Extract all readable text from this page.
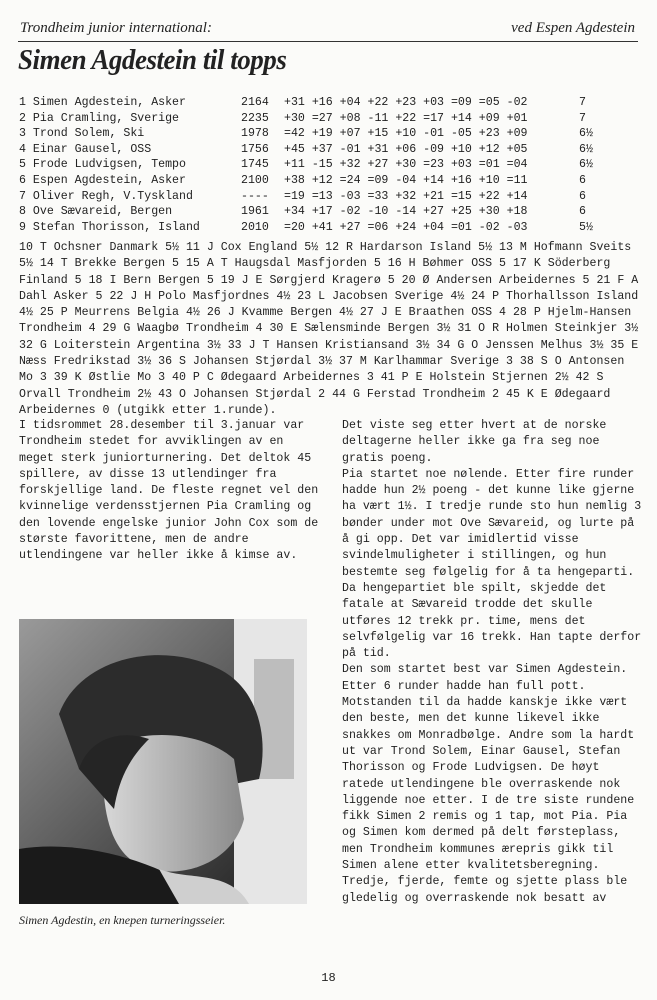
Trondheim junior international:	ved Espen Agdestein
Simen Agdestein til topps
1 Simen Agdestein, Asker	2164 +31 +16 +04 +22 +23 +03 =09 =05 -02	7
2 Pia Cramling, Sverige	2235 +30 =27 +08 -11 +22 =17 +14 +09 +01	7
3 Trond Solem, Ski	1978 =42 +19 +07 +15 +10 -01 -05 +23 +09	6½
4 Einar Gausel, OSS	1756 +45 +37 -01 +31 +06 -09 +10 +12 +05	6½
5 Frode Ludvigsen, Tempo	1745 +11 -15 +32 +27 +30 =23 +03 =01 =04	6½
6 Espen Agdestein, Asker	2100 +38 +12 =24 =09 -04 +14 +16 +10 =11	6
7 Oliver Regh, V.Tyskland	---- =19 =13 -03 =33 +32 +21 =15 +22 +14	6
8 Ove Sævareid, Bergen	1961 +34 +17 -02 -10 -14 +27 +25 +30 +18	6
9 Stefan Thorisson, Island	2010 =20 +41 +27 =06 +24 +04 =01 -02 -03	5½

10 T Ochsner Danmark 5½ 11 J Cox England 5½ 12 R Hardarson Island 5½ 13 M Hofmann Sveits 5½ 14 T Brekke Bergen 5 15 A T Haugsdal Masfjorden 5 16 H Bøhmer OSS 5 17 K Söderberg Finland 5 18 I Bern Bergen 5 19 J E Sørgjerd Kragerø 5 20 Ø Andersen Arbeidernes 5 21 F A Dahl Asker 5 22 J H Polo Masfjordnes 4½ 23 L Jacobsen Sverige 4½ 24 P Thorhallsson Island 4½ 25 P Meurrens Belgia 4½ 26 J Kvamme Bergen 4½ 27 J E Braathen OSS 4 28 P Hjelm-Hansen Trondheim 4 29 G Waagbø Trondheim 4 30 E Sælensminde Bergen 3½ 31 O R Holmen Steinkjer 3½ 32 G Loiterstein Argentina 3½ 33 J T Hansen Kristiansand 3½ 34 G O Jenssen Melhus 3½ 35 E Næss Fredrikstad 3½ 36 S Johansen Stjørdal 3½ 37 M Karlhammar Sverige 3 38 S O Antonsen Mo 3 39 K Østlie Mo 3 40 P C Ødegaard Arbeidernes 3 41 P E Holstein Stjernen 2½ 42 S Orvall Trondheim 2½ 43 O Johansen Stjørdal 2 44 G Ferstad Trondheim 2 45 K E Ødegaard Arbeidernes 0 (utgikk etter 1.runde).

I tidsrommet 28.desember til 3.januar var Trondheim stedet for avviklingen av en meget sterk juniorturnering. Det deltok 45 spillere, av disse 13 utlendinger fra forskjellige land. De fleste regnet vel den kvinnelige verdensstjernen Pia Cramling og den lovende engelske junior John Cox som de største favorittene, men de andre utlendingene var heller ikke å kimse av.

Simen Agdestin, en knepen turneringsseier.

Det viste seg etter hvert at de norske deltagerne heller ikke ga fra seg noe gratis poeng.
Pia startet noe nølende. Etter fire runder hadde hun 2½ poeng - det kunne like gjerne ha vært 1½. I tredje runde sto hun nemlig 3 bønder under mot Ove Sævareid, og lurte på å gi opp. Det var imidlertid visse svindelmuligheter i stillingen, og hun bestemte seg følgelig for å ta hengeparti. Da hengepartiet ble spilt, skjedde det fatale at Sævareid trodde det skulle utføres 12 trekk pr. time, mens det selvfølgelig var 16 trekk. Han tapte derfor på tid.
Den som startet best var Simen Agdestein. Etter 6 runder hadde han full pott. Motstanden til da hadde kanskje ikke vært den beste, men det kunne likevel ikke snakkes om Monradbølge. Andre som la hardt ut var Trond Solem, Einar Gausel, Stefan Thorisson og Frode Ludvigsen. De høyt ratede utlendingene ble overraskende nok liggende noe etter. I de tre siste rundene fikk Simen 2 remis og 1 tap, mot Pia. Pia og Simen kom dermed på delt førsteplass, men Trondheim kommunes ærepris gikk til Simen alene etter kvalitetsberegning. Tredje, fjerde, femte og sjette plass ble gledelig og overraskende nok besatt av

18
